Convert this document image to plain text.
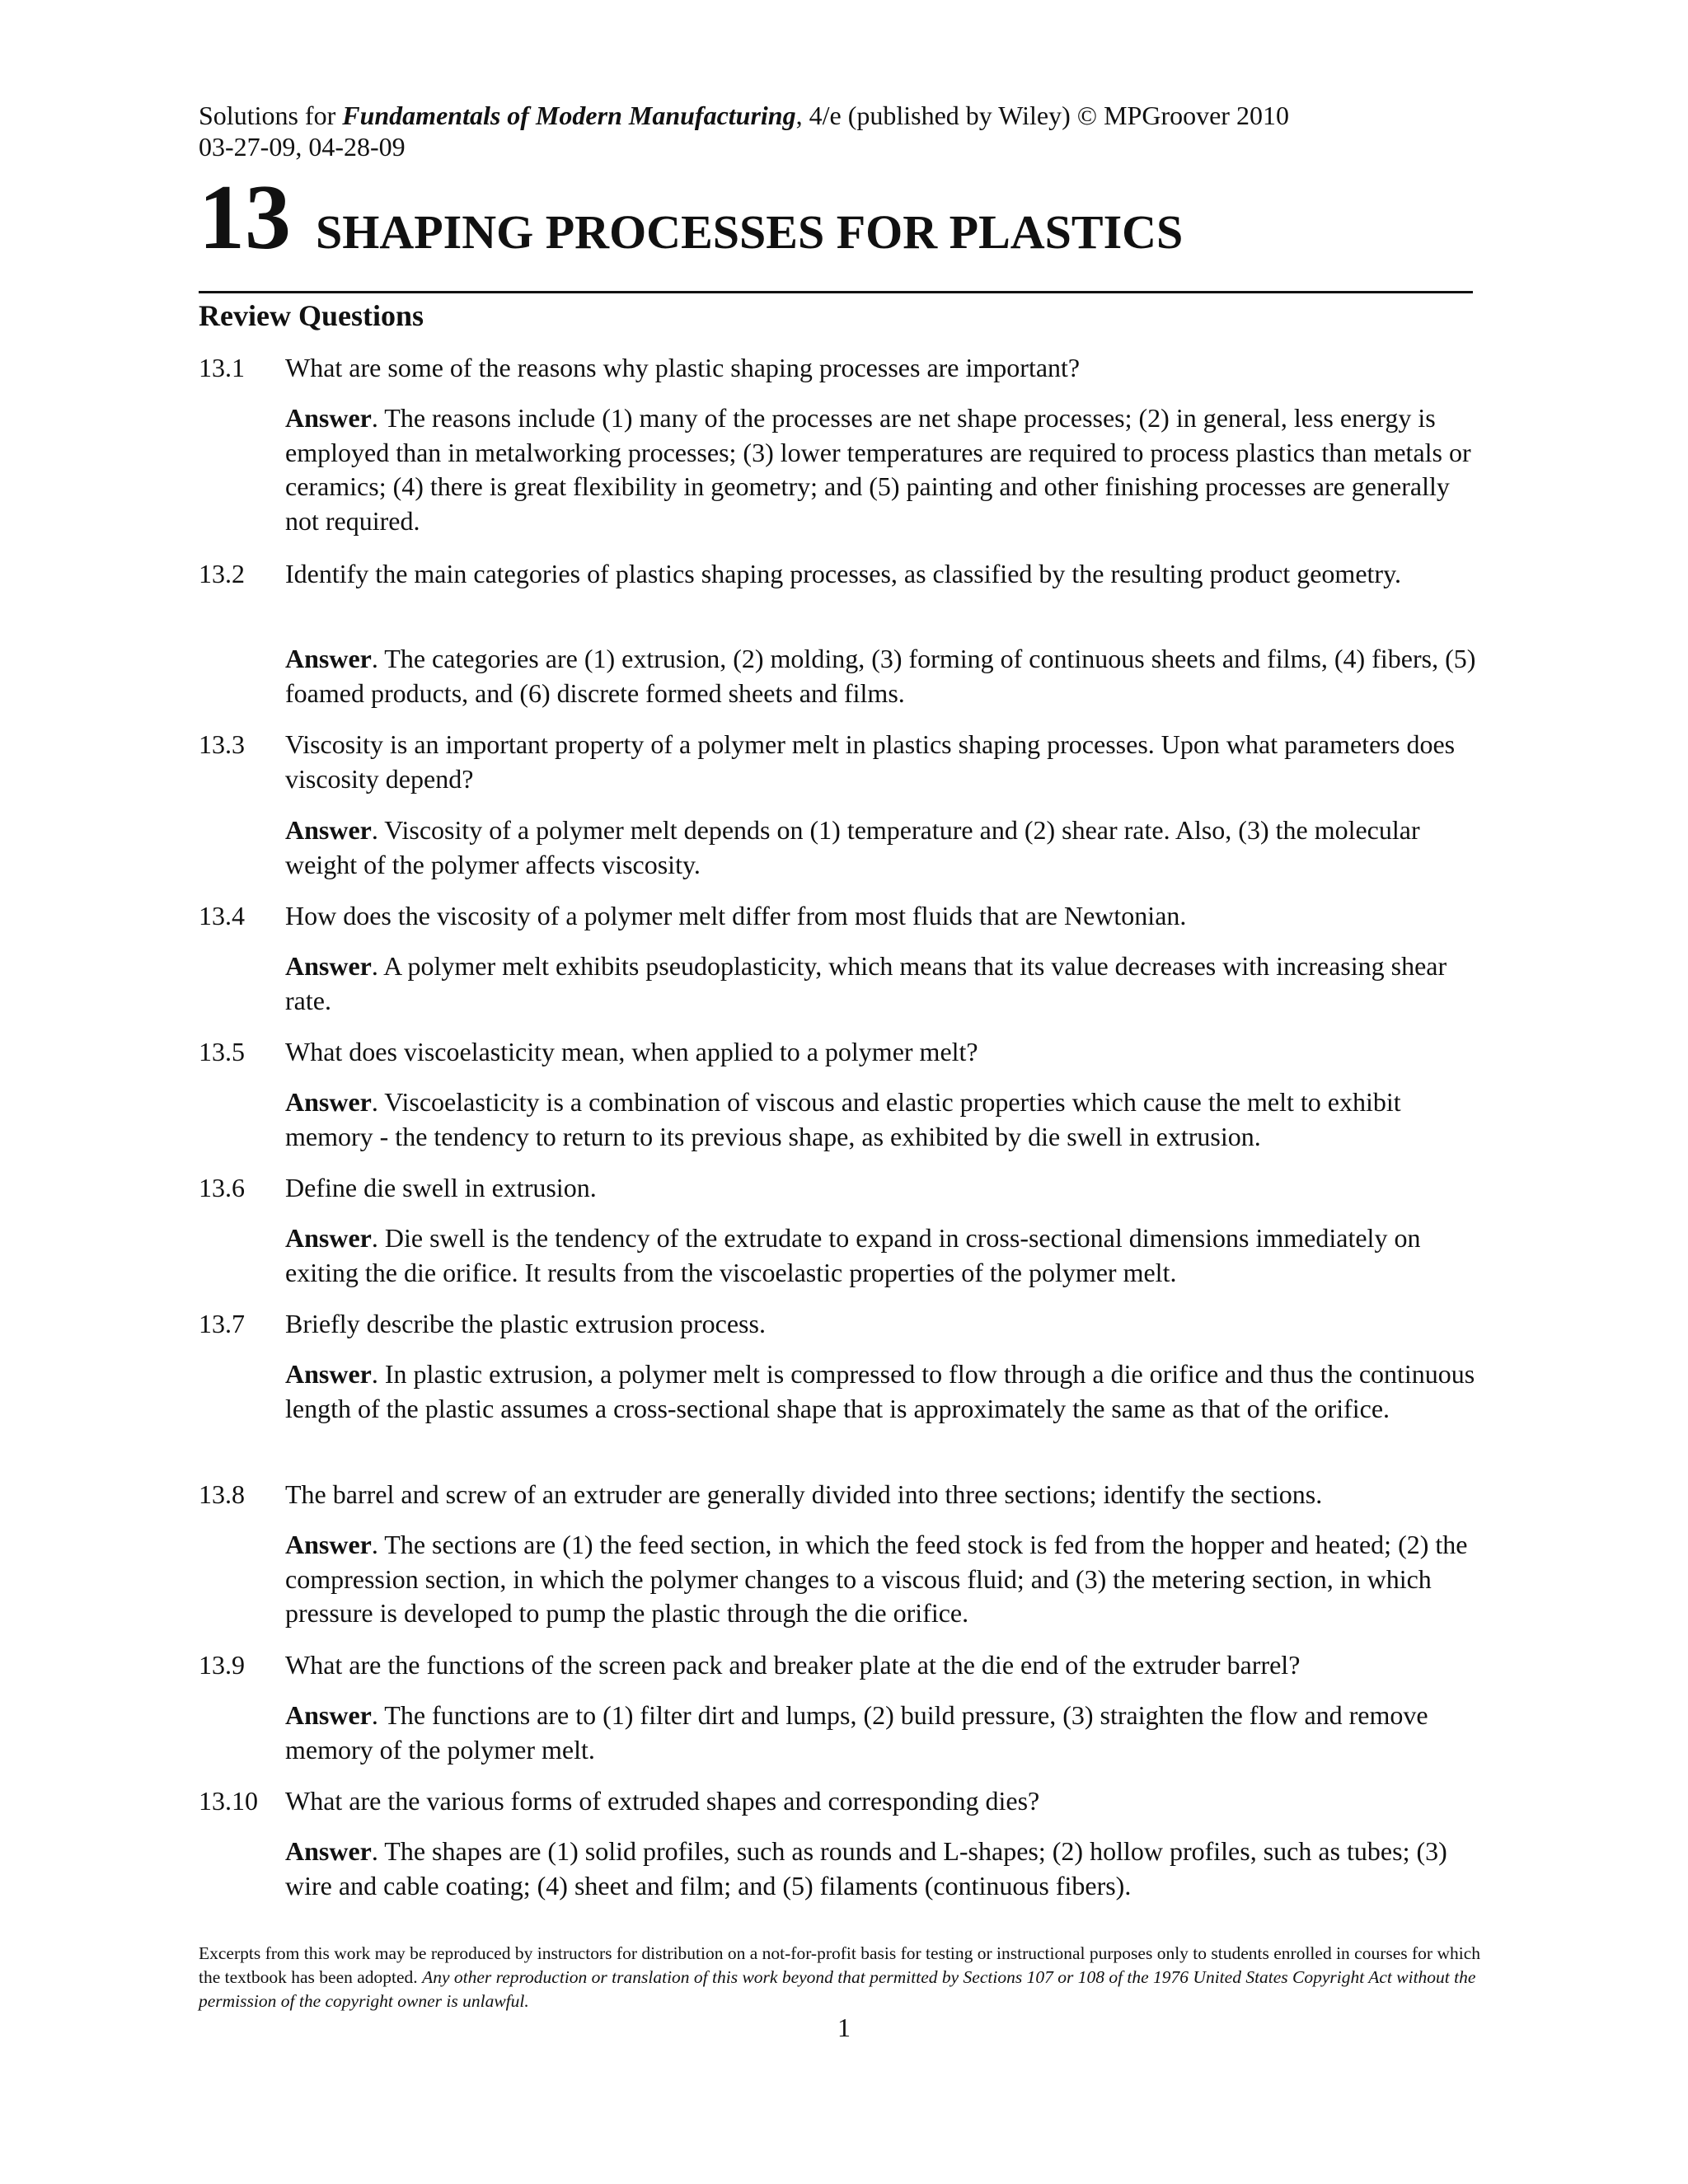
Solutions for Fundamentals of Modern Manufacturing, 4/e (published by Wiley) © MPGroover 2010
03-27-09, 04-28-09
13 SHAPING PROCESSES FOR PLASTICS
Review Questions
13.1 What are some of the reasons why plastic shaping processes are important?
Answer. The reasons include (1) many of the processes are net shape processes; (2) in general, less energy is employed than in metalworking processes; (3) lower temperatures are required to process plastics than metals or ceramics; (4) there is great flexibility in geometry; and (5) painting and other finishing processes are generally not required.
13.2 Identify the main categories of plastics shaping processes, as classified by the resulting product geometry.
Answer. The categories are (1) extrusion, (2) molding, (3) forming of continuous sheets and films, (4) fibers, (5) foamed products, and (6) discrete formed sheets and films.
13.3 Viscosity is an important property of a polymer melt in plastics shaping processes. Upon what parameters does viscosity depend?
Answer. Viscosity of a polymer melt depends on (1) temperature and (2) shear rate. Also, (3) the molecular weight of the polymer affects viscosity.
13.4 How does the viscosity of a polymer melt differ from most fluids that are Newtonian.
Answer. A polymer melt exhibits pseudoplasticity, which means that its value decreases with increasing shear rate.
13.5 What does viscoelasticity mean, when applied to a polymer melt?
Answer. Viscoelasticity is a combination of viscous and elastic properties which cause the melt to exhibit memory - the tendency to return to its previous shape, as exhibited by die swell in extrusion.
13.6 Define die swell in extrusion.
Answer. Die swell is the tendency of the extrudate to expand in cross-sectional dimensions immediately on exiting the die orifice. It results from the viscoelastic properties of the polymer melt.
13.7 Briefly describe the plastic extrusion process.
Answer. In plastic extrusion, a polymer melt is compressed to flow through a die orifice and thus the continuous length of the plastic assumes a cross-sectional shape that is approximately the same as that of the orifice.
13.8 The barrel and screw of an extruder are generally divided into three sections; identify the sections.
Answer. The sections are (1) the feed section, in which the feed stock is fed from the hopper and heated; (2) the compression section, in which the polymer changes to a viscous fluid; and (3) the metering section, in which pressure is developed to pump the plastic through the die orifice.
13.9 What are the functions of the screen pack and breaker plate at the die end of the extruder barrel?
Answer. The functions are to (1) filter dirt and lumps, (2) build pressure, (3) straighten the flow and remove memory of the polymer melt.
13.10 What are the various forms of extruded shapes and corresponding dies?
Answer. The shapes are (1) solid profiles, such as rounds and L-shapes; (2) hollow profiles, such as tubes; (3) wire and cable coating; (4) sheet and film; and (5) filaments (continuous fibers).
Excerpts from this work may be reproduced by instructors for distribution on a not-for-profit basis for testing or instructional purposes only to students enrolled in courses for which the textbook has been adopted. Any other reproduction or translation of this work beyond that permitted by Sections 107 or 108 of the 1976 United States Copyright Act without the permission of the copyright owner is unlawful.
1
